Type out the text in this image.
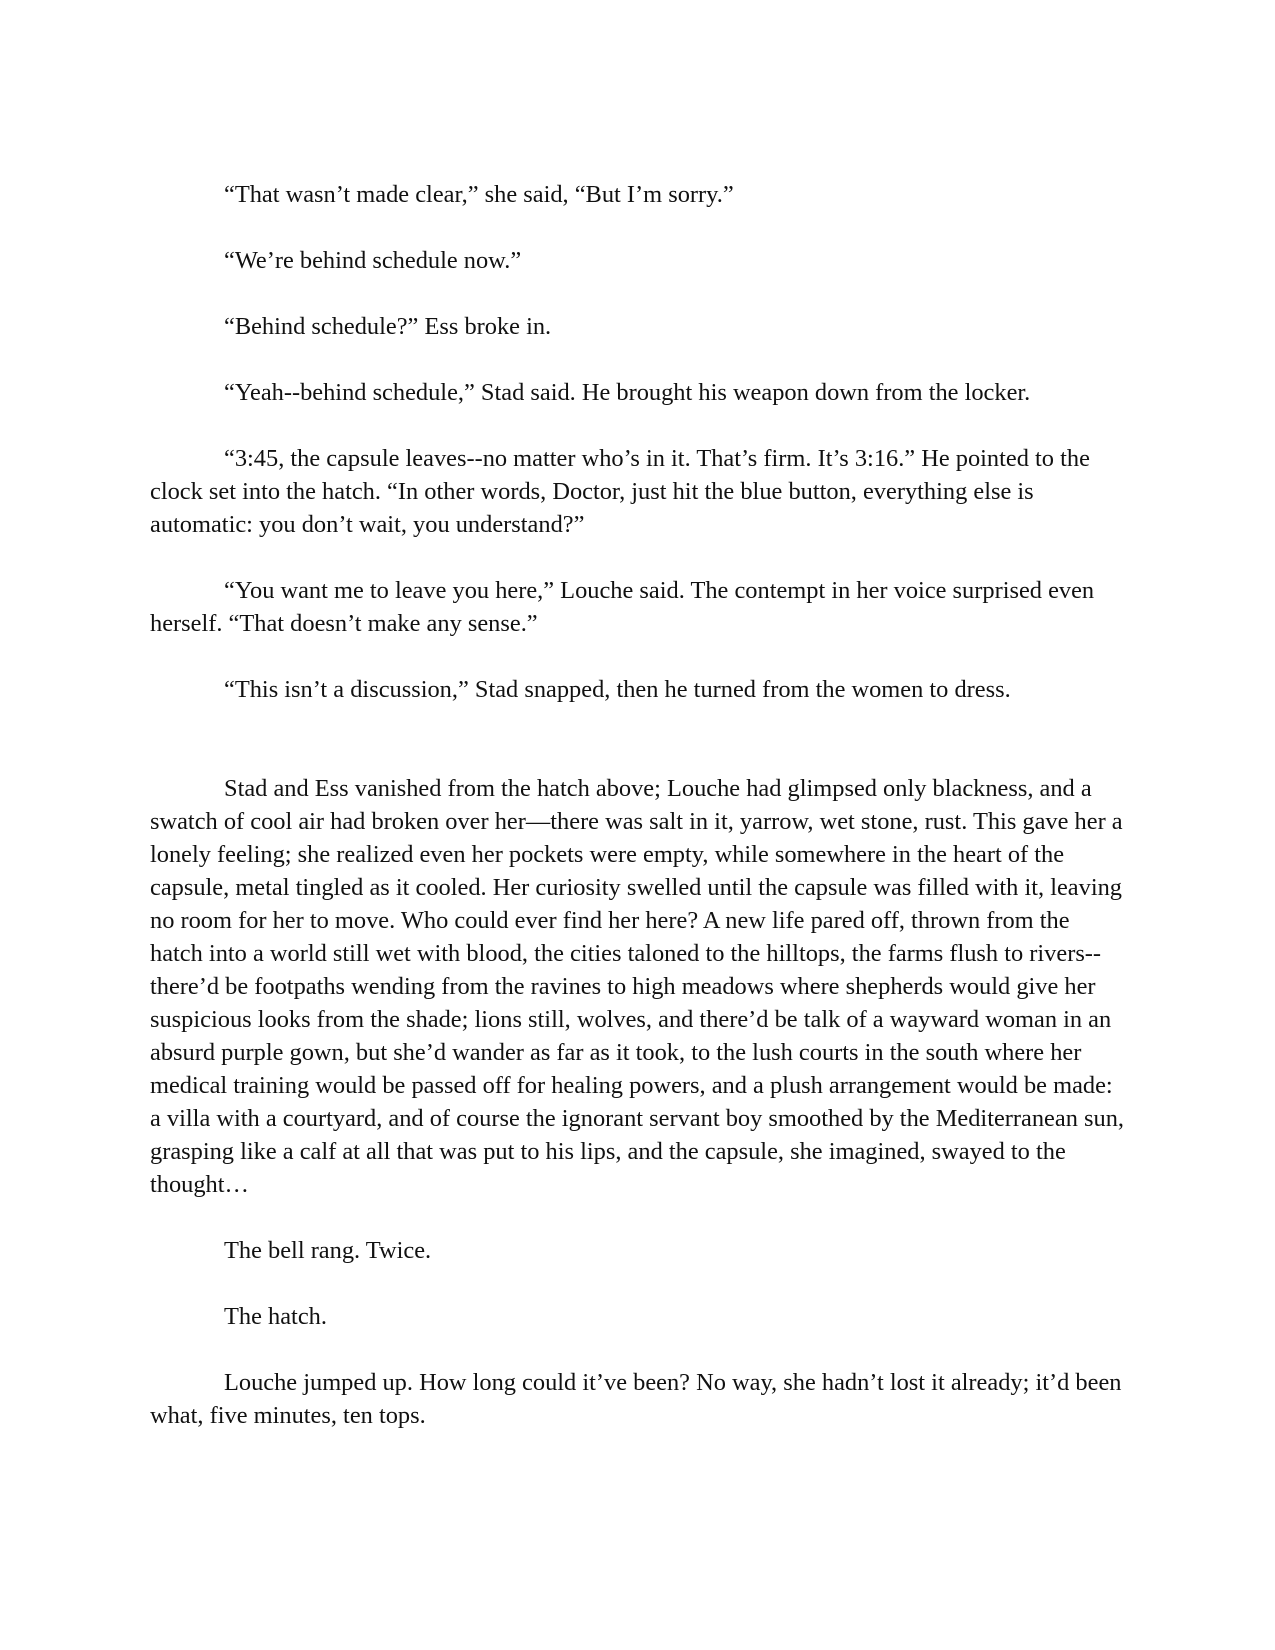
“That wasn’t made clear,” she said, “But I’m sorry.”

“We’re behind schedule now.”

“Behind schedule?” Ess broke in.

“Yeah--behind schedule,” Stad said. He brought his weapon down from the locker.

“3:45, the capsule leaves--no matter who’s in it. That’s firm. It’s 3:16.” He pointed to the clock set into the hatch. “In other words, Doctor, just hit the blue button, everything else is automatic: you don’t wait, you understand?”

“You want me to leave you here,” Louche said. The contempt in her voice surprised even herself. “That doesn’t make any sense.”

“This isn’t a discussion,” Stad snapped, then he turned from the women to dress.

Stad and Ess vanished from the hatch above; Louche had glimpsed only blackness, and a swatch of cool air had broken over her—there was salt in it, yarrow, wet stone, rust. This gave her a lonely feeling; she realized even her pockets were empty, while somewhere in the heart of the capsule, metal tingled as it cooled. Her curiosity swelled until the capsule was filled with it, leaving no room for her to move. Who could ever find her here? A new life pared off, thrown from the hatch into a world still wet with blood, the cities taloned to the hilltops, the farms flush to rivers--there’d be footpaths wending from the ravines to high meadows where shepherds would give her suspicious looks from the shade; lions still, wolves, and there’d be talk of a wayward woman in an absurd purple gown, but she’d wander as far as it took, to the lush courts in the south where her medical training would be passed off for healing powers, and a plush arrangement would be made: a villa with a courtyard, and of course the ignorant servant boy smoothed by the Mediterranean sun, grasping like a calf at all that was put to his lips, and the capsule, she imagined, swayed to the thought…

The bell rang. Twice.

The hatch.

Louche jumped up. How long could it’ve been? No way, she hadn’t lost it already; it’d been what, five minutes, ten tops.
